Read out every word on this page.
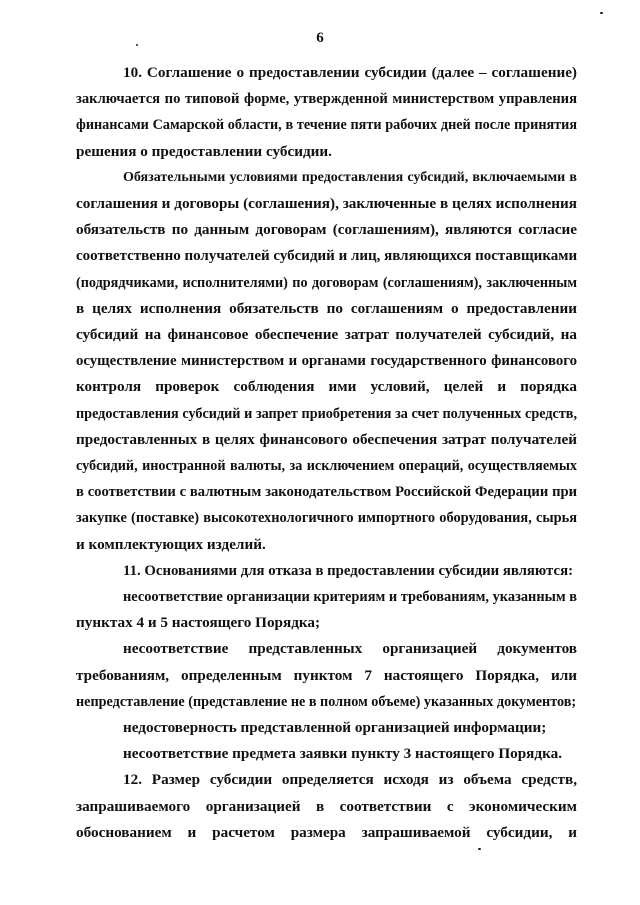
6
10. Соглашение о предоставлении субсидии (далее – соглашение)
заключается по типовой форме, утвержденной министерством управления
финансами Самарской области, в течение пяти рабочих дней после принятия
решения о предоставлении субсидии.
Обязательными условиями предоставления субсидий, включаемыми в
соглашения и договоры (соглашения), заключенные в целях исполнения
обязательств по данным договорам (соглашениям), являются согласие
соответственно получателей субсидий и лиц, являющихся поставщиками
(подрядчиками, исполнителями) по договорам (соглашениям), заключенным
в целях исполнения обязательств по соглашениям о предоставлении
субсидий на финансовое обеспечение затрат получателей субсидий, на
осуществление министерством и органами государственного финансового
контроля проверок соблюдения ими условий, целей и порядка
предоставления субсидий и запрет приобретения за счет полученных средств,
предоставленных в целях финансового обеспечения затрат получателей
субсидий, иностранной валюты, за исключением операций, осуществляемых
в соответствии с валютным законодательством Российской Федерации при
закупке (поставке) высокотехнологичного импортного оборудования, сырья
и комплектующих изделий.
11. Основаниями для отказа в предоставлении субсидии являются:
несоответствие организации критериям и требованиям, указанным в
пунктах 4 и 5 настоящего Порядка;
несоответствие представленных организацией документов
требованиям, определенным пунктом 7 настоящего Порядка, или
непредставление (представление не в полном объеме) указанных документов;
недостоверность представленной организацией информации;
несоответствие предмета заявки пункту 3 настоящего Порядка.
12. Размер субсидии определяется исходя из объема средств,
запрашиваемого организацией в соответствии с экономическим
обоснованием и расчетом размера запрашиваемой субсидии, и
